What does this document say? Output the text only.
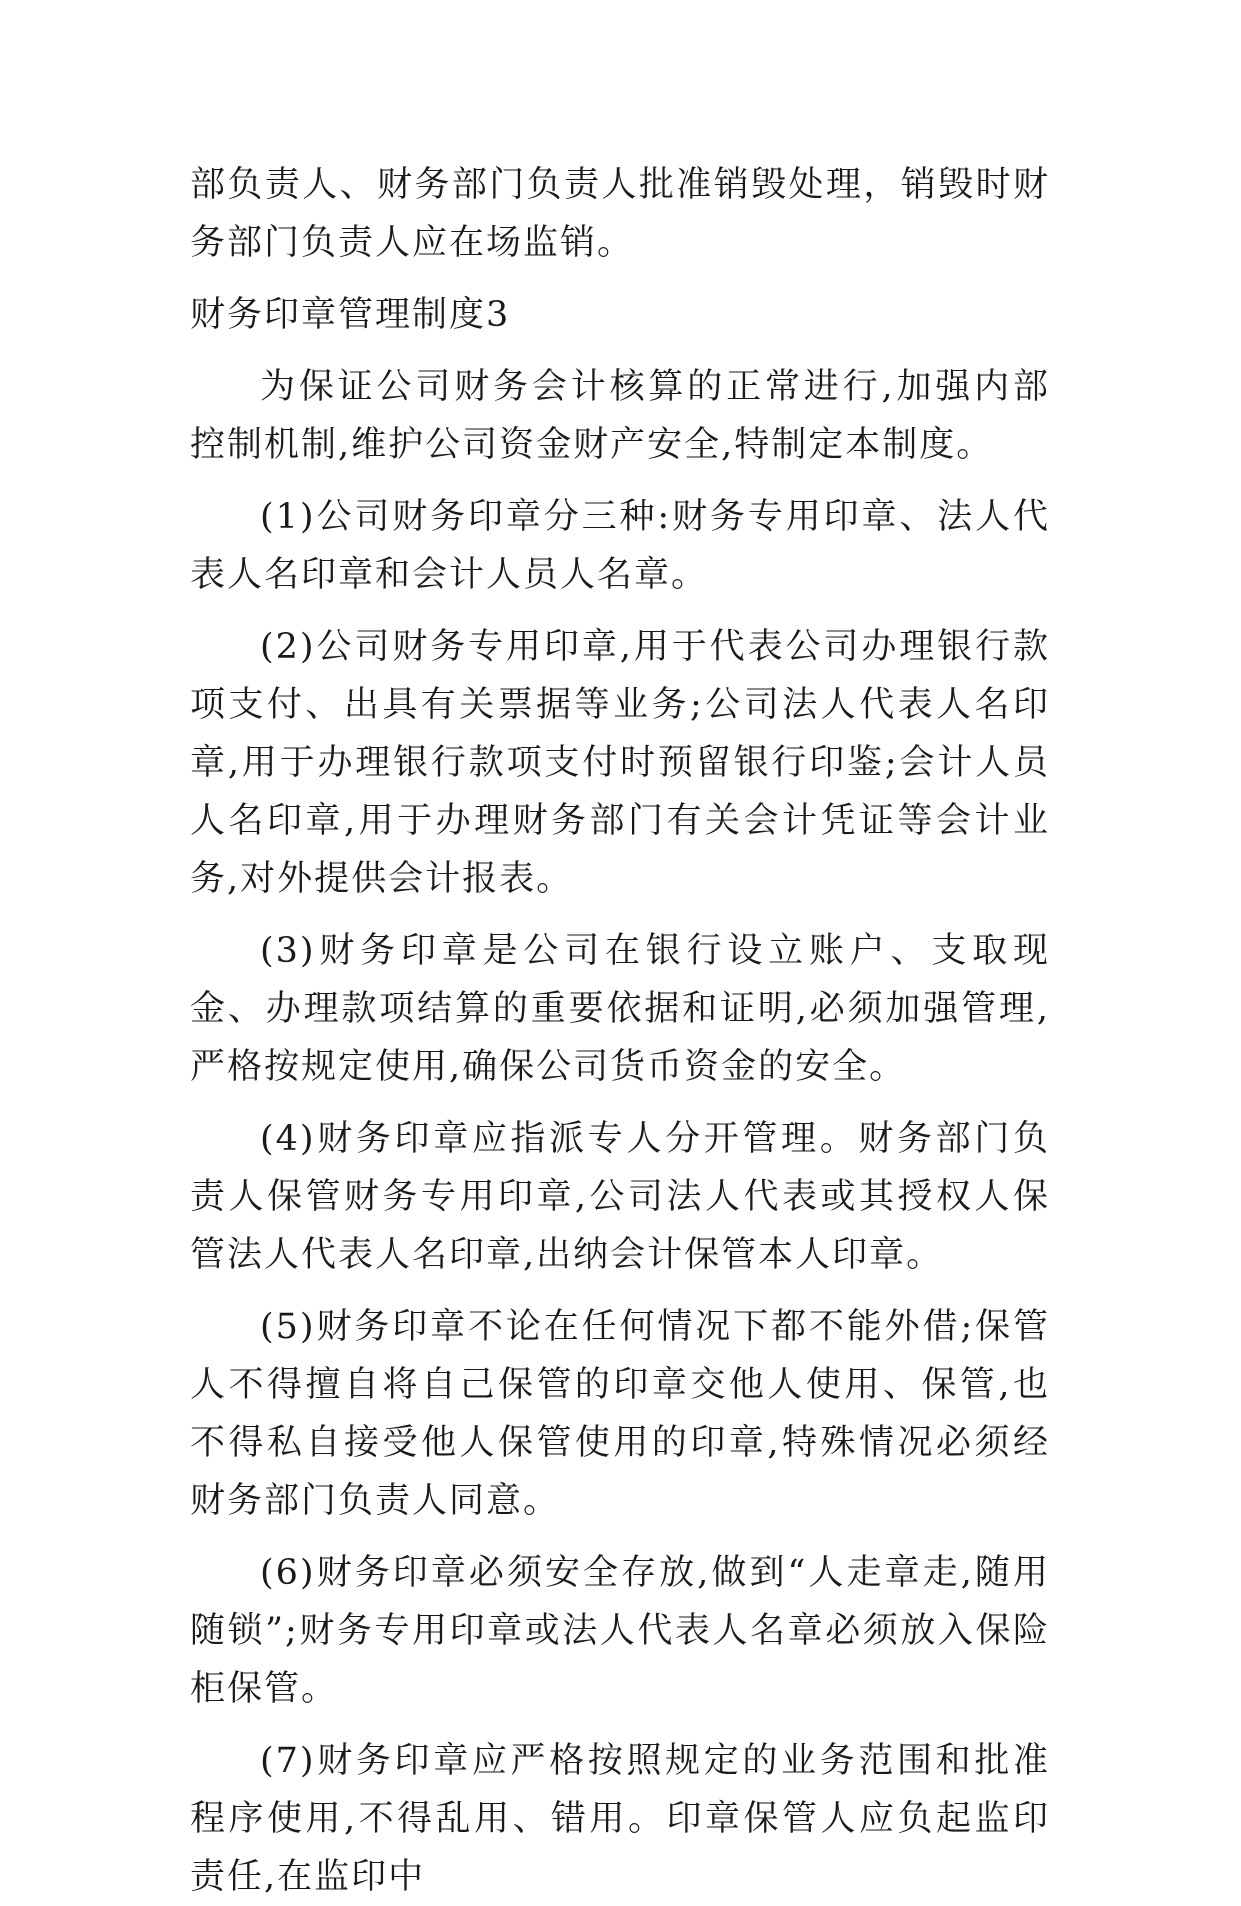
部负责人、财务部门负责人批准销毁处理，销毁时财务部门负责人应在场监销。

财务印章管理制度3

为保证公司财务会计核算的正常进行,加强内部控制机制,维护公司资金财产安全,特制定本制度。

(1)公司财务印章分三种:财务专用印章、法人代表人名印章和会计人员人名章。

(2)公司财务专用印章,用于代表公司办理银行款项支付、出具有关票据等业务;公司法人代表人名印章,用于办理银行款项支付时预留银行印鉴;会计人员人名印章,用于办理财务部门有关会计凭证等会计业务,对外提供会计报表。

(3)财务印章是公司在银行设立账户、支取现金、办理款项结算的重要依据和证明,必须加强管理,严格按规定使用,确保公司货币资金的安全。

(4)财务印章应指派专人分开管理。财务部门负责人保管财务专用印章,公司法人代表或其授权人保管法人代表人名印章,出纳会计保管本人印章。

(5)财务印章不论在任何情况下都不能外借;保管人不得擅自将自己保管的印章交他人使用、保管,也不得私自接受他人保管使用的印章,特殊情况必须经财务部门负责人同意。

(6)财务印章必须安全存放,做到“人走章走,随用随锁”;财务专用印章或法人代表人名章必须放入保险柜保管。

(7)财务印章应严格按照规定的业务范围和批准程序使用,不得乱用、错用。印章保管人应负起监印责任,在监印中
